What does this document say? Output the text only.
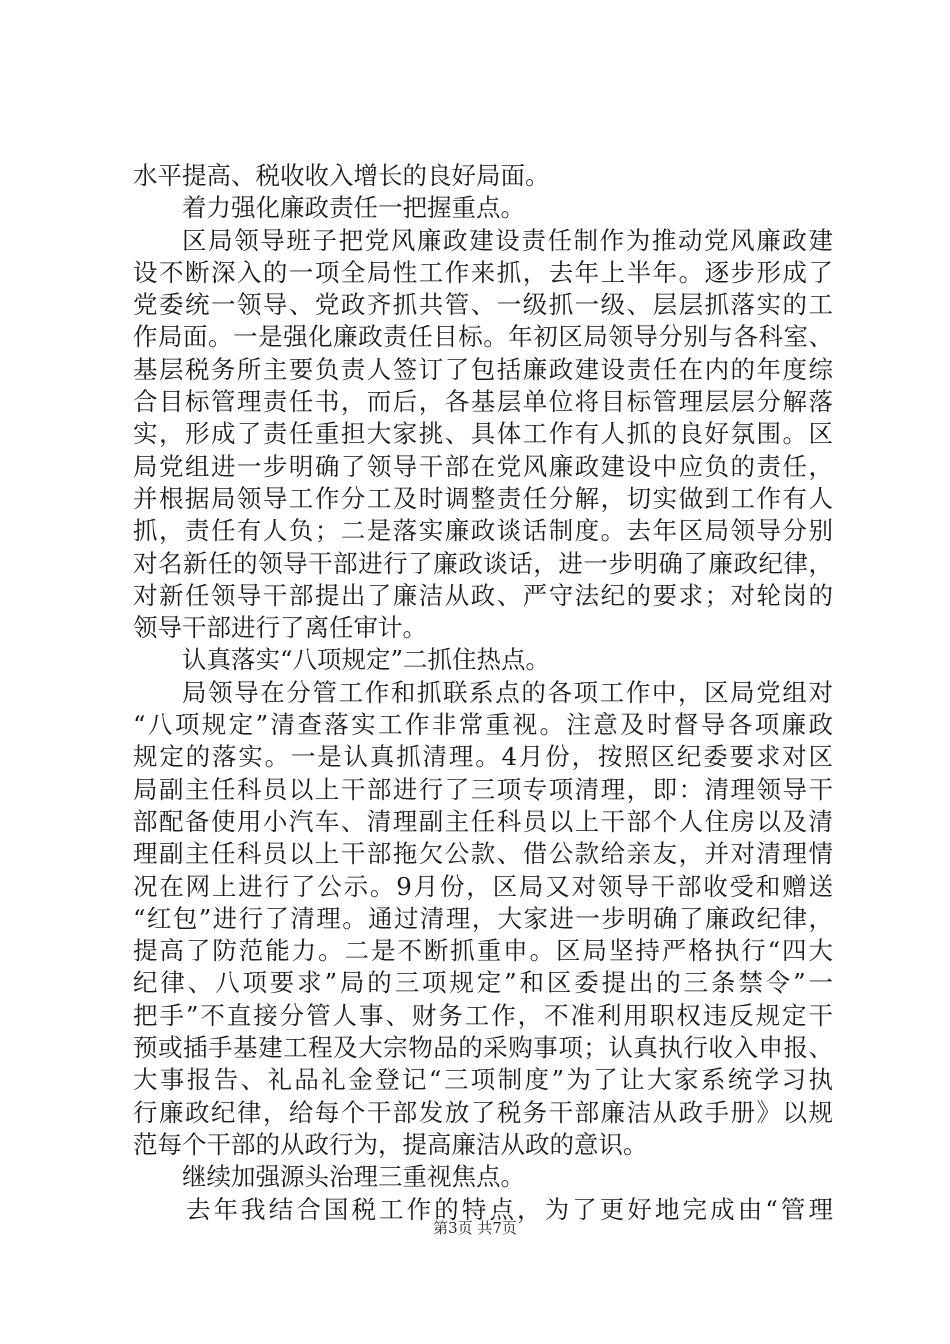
水平提高、税收收入增长的良好局面。
着力强化廉政责任一把握重点。
区局领导班子把党风廉政建设责任制作为推动党风廉政建
设不断深入的一项全局性工作来抓，去年上半年。逐步形成了
党委统一领导、党政齐抓共管、一级抓一级、层层抓落实的工
作局面。一是强化廉政责任目标。年初区局领导分别与各科室、
基层税务所主要负责人签订了包括廉政建设责任在内的年度综
合目标管理责任书，而后，各基层单位将目标管理层层分解落
实，形成了责任重担大家挑、具体工作有人抓的良好氛围。区
局党组进一步明确了领导干部在党风廉政建设中应负的责任，
并根据局领导工作分工及时调整责任分解，切实做到工作有人
抓，责任有人负；二是落实廉政谈话制度。去年区局领导分别
对名新任的领导干部进行了廉政谈话，进一步明确了廉政纪律，
对新任领导干部提出了廉洁从政、严守法纪的要求；对轮岗的
领导干部进行了离任审计。
认真落实“八项规定”二抓住热点。
局领导在分管工作和抓联系点的各项工作中，区局党组对
“八项规定”清查落实工作非常重视。注意及时督导各项廉政
规定的落实。一是认真抓清理。4月份，按照区纪委要求对区
局副主任科员以上干部进行了三项专项清理，即：清理领导干
部配备使用小汽车、清理副主任科员以上干部个人住房以及清
理副主任科员以上干部拖欠公款、借公款给亲友，并对清理情
况在网上进行了公示。9月份，区局又对领导干部收受和赠送
“红包”进行了清理。通过清理，大家进一步明确了廉政纪律，
提高了防范能力。二是不断抓重申。区局坚持严格执行“四大
纪律、八项要求”局的三项规定”和区委提出的三条禁令”一
把手”不直接分管人事、财务工作，不准利用职权违反规定干
预或插手基建工程及大宗物品的采购事项；认真执行收入申报、
大事报告、礼品礼金登记“三项制度”为了让大家系统学习执
行廉政纪律，给每个干部发放了税务干部廉洁从政手册》以规
范每个干部的从政行为，提高廉洁从政的意识。
继续加强源头治理三重视焦点。
去年我结合国税工作的特点，为了更好地完成由“管理
第3页 共7页
